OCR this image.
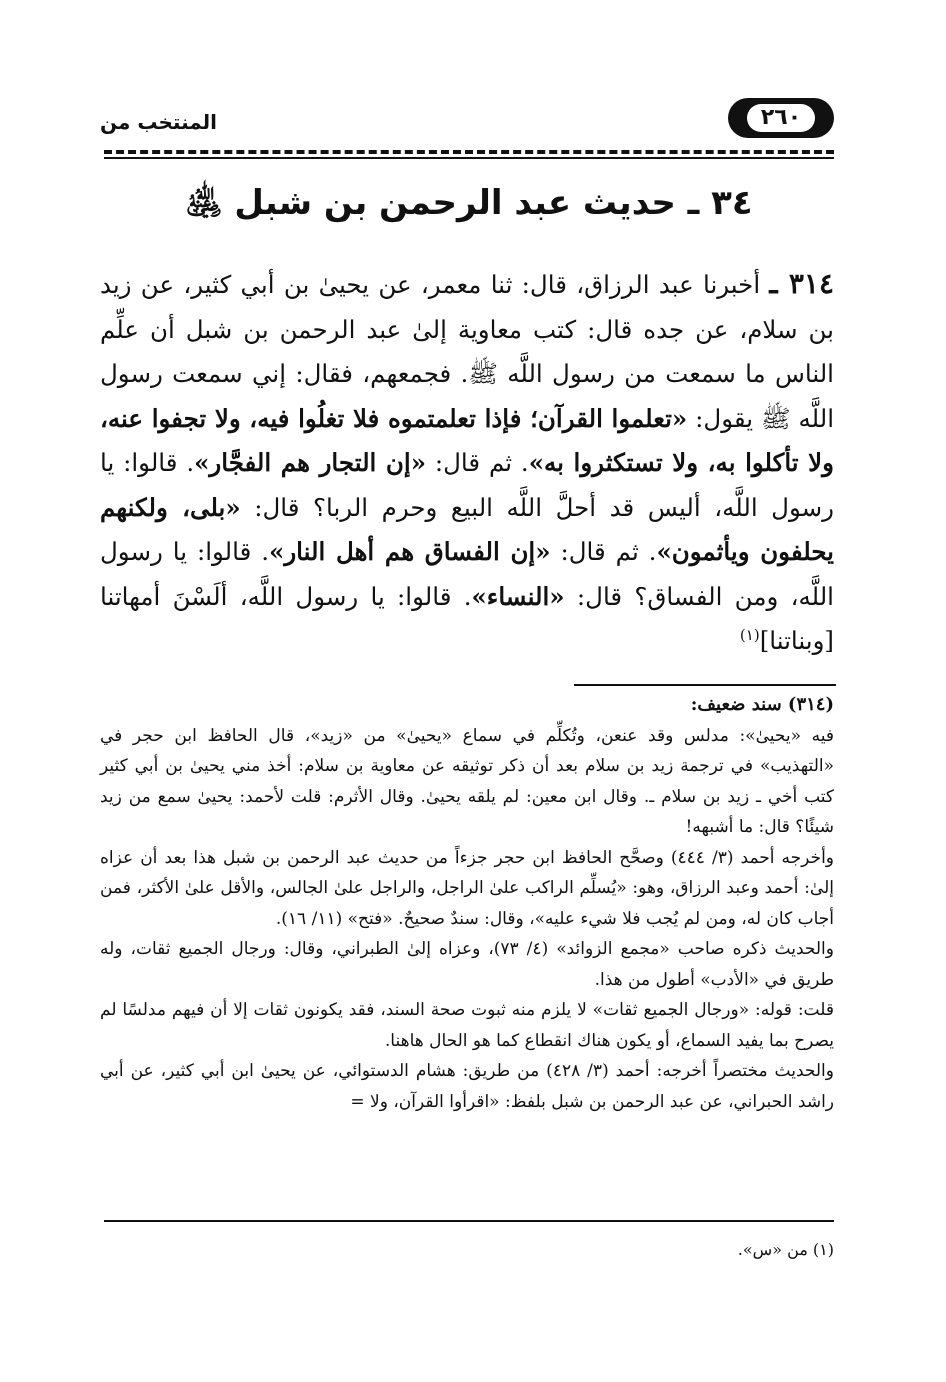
٢٦٠
المنتخب من
٣٤ ـ حديث عبد الرحمن بن شبل ﵁

٣١٤ ـ أخبرنا عبد الرزاق، قال: ثنا معمر، عن يحيىٰ بن أبي كثير، عن زيد بن سلام، عن جده قال: كتب معاوية إلىٰ عبد الرحمن بن شبل أن علِّم الناس ما سمعت من رسول اللَّه ﷺ. فجمعهم، فقال: إني سمعت رسول اللَّه ﷺ يقول: «تعلموا القرآن؛ فإذا تعلمتموه فلا تغلُوا فيه، ولا تجفوا عنه، ولا تأكلوا به، ولا تستكثروا به». ثم قال: «إن التجار هم الفجَّار». قالوا: يا رسول اللَّه، أليس قد أحلَّ اللَّه البيع وحرم الربا؟ قال: «بلى، ولكنهم يحلفون ويأثمون». ثم قال: «إن الفساق هم أهل النار». قالوا: يا رسول اللَّه، ومن الفساق؟ قال: «النساء». قالوا: يا رسول اللَّه، ألَسْنَ أمهاتنا [وبناتنا]$^{(١)}$

(٣١٤) سند ضعيف:

فيه «يحيىٰ»: مدلس وقد عنعن، وتُكلِّم في سماع «يحيىٰ» من «زيد»، قال الحافظ ابن حجر في «التهذيب» في ترجمة زيد بن سلام بعد أن ذكر توثيقه عن معاوية بن سلام: أخذ مني يحيىٰ بن أبي كثير كتب أخي ـ زيد بن سلام ـ. وقال ابن معين: لم يلقه يحيىٰ. وقال الأثرم: قلت لأحمد: يحيىٰ سمع من زيد شيئًا؟ قال: ما أشبهه!

وأخرجه أحمد (٣/ ٤٤٤) وصحَّح الحافظ ابن حجر جزءاً من حديث عبد الرحمن بن شبل هذا بعد أن عزاه إلىٰ: أحمد وعبد الرزاق، وهو: «يُسلِّم الراكب علىٰ الراجل، والراجل علىٰ الجالس، والأقل علىٰ الأكثر، فمن أجاب كان له، ومن لم يُجب فلا شيء عليه»، وقال: سندٌ صحيحٌ. «فتح» (١١/ ١٦).

والحديث ذكره صاحب «مجمع الزوائد» (٤/ ٧٣)، وعزاه إلىٰ الطبراني، وقال: ورجال الجميع ثقات، وله طريق في «الأدب» أطول من هذا.

قلت: قوله: «ورجال الجميع ثقات» لا يلزم منه ثبوت صحة السند، فقد يكونون ثقات إلا أن فيهم مدلسًا لم يصرح بما يفيد السماع، أو يكون هناك انقطاع كما هو الحال هاهنا.

والحديث مختصراً أخرجه: أحمد (٣/ ٤٢٨) من طريق: هشام الدستوائي، عن يحيىٰ ابن أبي كثير، عن أبي راشد الحبراني، عن عبد الرحمن بن شبل بلفظ: «اقرأوا القرآن، ولا =

(١) من «س».
